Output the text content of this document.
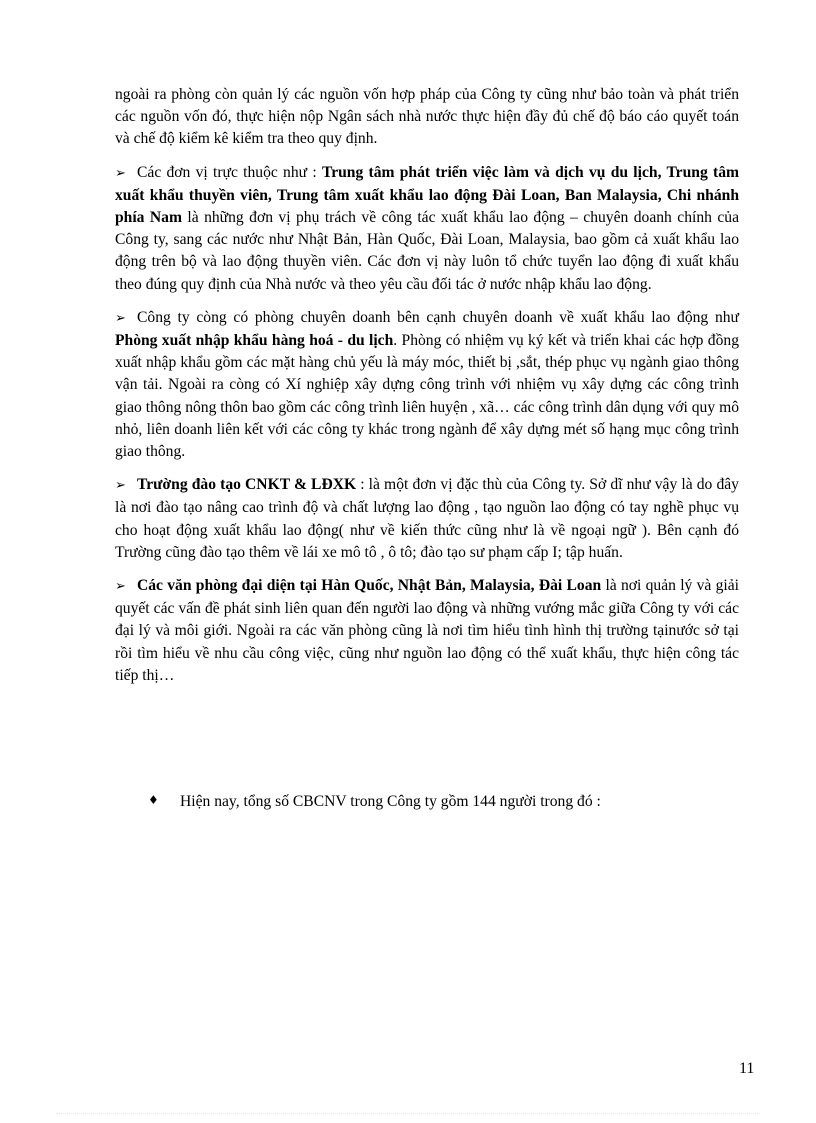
ngoài ra phòng còn quản lý các nguồn vốn hợp pháp của Công ty cũng như bảo toàn và phát triển các nguồn vốn đó, thực hiện nộp Ngân sách nhà nước thực hiện đầy đủ chế độ báo cáo quyết toán và chế độ kiểm kê kiểm tra theo quy định.

➢ Các đơn vị trực thuộc như : Trung tâm phát triển việc làm và dịch vụ du lịch, Trung tâm xuất khẩu thuyền viên, Trung tâm xuất khẩu lao động Đài Loan, Ban Malaysia, Chi nhánh phía Nam là những đơn vị phụ trách về công tác xuất khẩu lao động – chuyên doanh chính của Công ty, sang các nước như Nhật Bản, Hàn Quốc, Đài Loan, Malaysia, bao gồm cả xuất khẩu lao động trên bộ và lao động thuyền viên. Các đơn vị này luôn tổ chức tuyển lao động đi xuất khẩu theo đúng quy định của Nhà nước và theo yêu cầu đối tác ở nước nhập khẩu lao động.

➢ Công ty còng có phòng chuyên doanh bên cạnh chuyên doanh về xuất khẩu lao động như Phòng xuất nhập khẩu hàng hoá - du lịch. Phòng có nhiệm vụ ký kết và triển khai các hợp đồng xuất nhập khẩu gồm các mặt hàng chủ yếu là máy móc, thiết bị ,sắt, thép phục vụ ngành giao thông vận tải. Ngoài ra còng có Xí nghiệp xây dựng công trình với nhiệm vụ xây dựng các công trình giao thông nông thôn bao gồm các công trình liên huyện , xã… các công trình dân dụng với quy mô nhỏ, liên doanh liên kết với các công ty khác trong ngành để xây dựng mét số hạng mục công trình giao thông.

➢ Trường đào tạo CNKT & LĐXK : là một đơn vị đặc thù của Công ty. Sở dĩ như vậy là do đây là nơi đào tạo nâng cao trình độ và chất lượng lao động , tạo nguồn lao động có tay nghề phục vụ cho hoạt động xuất khẩu lao động( như về kiến thức cũng như là về ngoại ngữ ). Bên cạnh đó Trường cũng đào tạo thêm về lái xe mô tô , ô tô; đào tạo sư phạm cấp I; tập huấn.

➢ Các văn phòng đại diện tại Hàn Quốc, Nhật Bản, Malaysia, Đài Loan là nơi quản lý và giải quyết các vấn đề phát sinh liên quan đến người lao động và những vướng mắc giữa Công ty với các đại lý và môi giới. Ngoài ra các văn phòng cũng là nơi tìm hiểu tình hình thị trường tạinước sở tại rồi tìm hiểu về nhu cầu công việc, cũng như nguồn lao động có thể xuất khẩu, thực hiện công tác tiếp thị…

♦ Hiện nay, tổng số CBCNV trong Công ty gồm 144 người trong đó :
11
